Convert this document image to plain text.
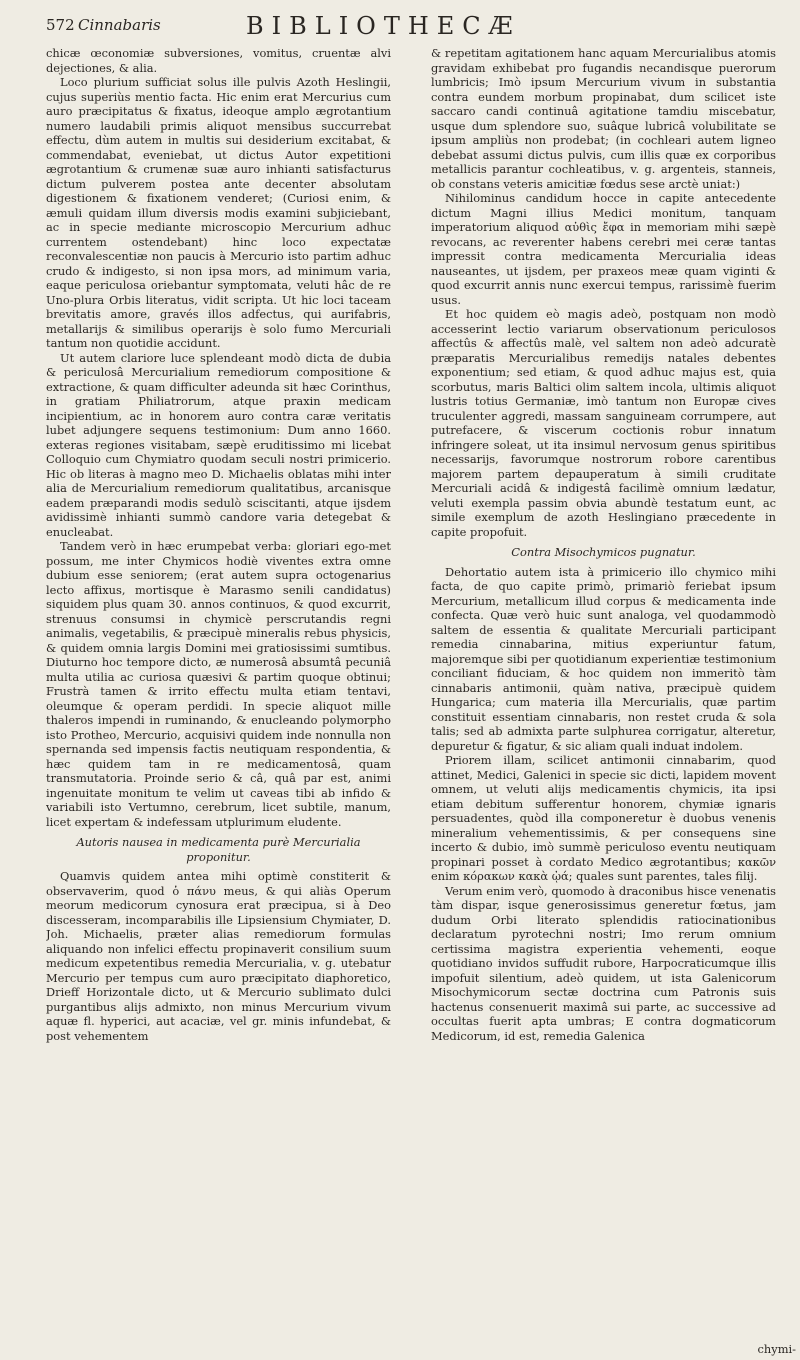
572 Cinnabaris	BIBLIOTHECÆ

chicæ œconomiæ subversiones, vomitus, cruentæ alvi dejectiones, & alia.

Loco plurium sufficiat solus ille pulvis Azoth Heslingii, cujus superiùs mentio facta. Hic enim erat Mercurius cum auro præcipitatus & fixatus, ideoque amplo ægrotantium numero laudabili primis aliquot mensibus succurrebat effectu, dùm autem in multis sui desiderium excitabat, & commendabat, eveniebat, ut dictus Autor expetitioni ægrotantium & crumenæ suæ auro inhianti satisfacturus dictum pulverem postea ante decenter absolutam digestionem & fixationem venderet; (Curiosi enim, & æmuli quidam illum diversis modis examini subjiciebant, ac in specie mediante microscopio Mercurium adhuc currentem ostendebant) hinc loco expectatæ reconvalescentiæ non paucis à Mercurio isto partim adhuc crudo & indigesto, si non ipsa mors, ad minimum varia, eaque periculosa oriebantur symptomata, veluti hâc de re Uno-plura Orbis literatus, vidit scripta. Ut hic loci taceam brevitatis amore, gravés illos adfectus, qui aurifabris, metallarijs & similibus operarijs è solo fumo Mercuriali tantum non quotidie accidunt.

Ut autem clariore luce splendeant modò dicta de dubia & periculosâ Mercurialium remediorum compositione & extractione, & quam difficulter adeunda sit hæc Corinthus, in gratiam Philiatrorum, atque praxin medicam incipientium, ac in honorem auro contra caræ veritatis lubet adjungere sequens testimonium: Dum anno 1660. exteras regiones visitabam, sæpè eruditissimo mi licebat Colloquio cum Chymiatro quodam seculi nostri primicerio. Hic ob literas à magno meo D. Michaelis oblatas mihi inter alia de Mercurialium remediorum qualitatibus, arcanisque eadem præparandi modis sedulò sciscitanti, atque ijsdem avidissimè inhianti summò candore varia detegebat & enucleabat.

Tandem verò in hæc erumpebat verba: gloriari ego-met possum, me inter Chymicos hodiè viventes extra omne dubium esse seniorem; (erat autem supra octogenarius lecto affixus, mortisque è Marasmo senili candidatus) siquidem plus quam 30. annos continuos, & quod excurrit, strenuus consumsi in chymicè perscrutandis regni animalis, vegetabilis, & præcipuè mineralis rebus physicis, & quidem omnia largis Domini mei gratiosissimi sumtibus. Diuturno hoc tempore dicto, æ numerosâ absumtâ pecuniâ multa utilia ac curiosa quæsivi & partim quoque obtinui; Frustrà tamen & irrito effectu multa etiam tentavi, oleumque & operam perdidi. In specie aliquot mille thaleros impendi in ruminando, & enucleando polymorpho isto Protheo, Mercurio, acquisivi quidem inde nonnulla non spernanda sed impensis factis neutiquam respondentia, & hæc quidem tam in re medicamentosâ, quam transmutatoria. Proinde serio & câ, quâ par est, animi ingenuitate monitum te velim ut caveas tibi ab infido & variabili isto Vertumno, cerebrum, licet subtile, manum, licet expertam & indefessam utplurimum eludente.

Autoris nausea in medicamenta purè Mercurialia proponitur.

Quamvis quidem antea mihi optimè constiterit & observaverim, quod ὁ πάνυ meus, & qui aliàs Operum meorum medicorum cynosura erat præcipua, si à Deo discesseram, incomparabilis ille Lipsiensium Chymiater, D. Joh. Michaelis, præter alias remediorum formulas aliquando non infelici effectu propinaverit consilium suum medicum expetentibus remedia Mercurialia, v. g. utebatur Mercurio per tempus cum auro præcipitato diaphoretico, Drieff Horizontale dicto, ut & Mercurio sublimato dulci purgantibus alijs admixto, non minus Mercurium vivum aquæ fl. hyperici, aut acaciæ, vel gr. minis infundebat, & post vehementem

& repetitam agitationem hanc aquam Mercurialibus atomis gravidam exhibebat pro fugandis necandisque puerorum lumbricis; Imò ipsum Mercurium vivum in substantia contra eundem morbum propinabat, dum scilicet iste saccaro candi continuâ agitatione tamdiu miscebatur, usque dum splendore suo, suâque lubricâ volubilitate se ipsum ampliùs non prodebat; (in cochleari autem ligneo debebat assumi dictus pulvis, cum illis quæ ex corporibus metallicis parantur cochleatibus, v. g. argenteis, stanneis, ob constans veteris amicitiæ fœdus sese arctè uniat:)

Nihilominus candidum hocce in capite antecedente dictum Magni illius Medici monitum, tanquam imperatorium aliquod αὐθὶς ἔφα in memoriam mihi sæpè revocans, ac reverenter habens cerebri mei ceræ tantas impressit contra medicamenta Mercurialia ideas nauseantes, ut ijsdem, per praxeos meæ quam viginti & quod excurrit annis nunc exercui tempus, rarissimè fuerim usus.

Et hoc quidem eò magis adeò, postquam non modò accesserint lectio variarum observationum periculosos affectûs & affectûs malè, vel saltem non adeò adcuratè præparatis Mercurialibus remedijs natales debentes exponentium; sed etiam, & quod adhuc majus est, quia scorbutus, maris Baltici olim saltem incola, ultimis aliquot lustris totius Germaniæ, imò tantum non Europæ cives truculenter aggredi, massam sanguineam corrumpere, aut putrefacere, & viscerum coctionis robur innatum infringere soleat, ut ita insimul nervosum genus spiritibus necessarijs, favorumque nostrorum robore carentibus majorem partem depauperatum à simili cruditate Mercuriali acidâ & indigestâ facilimè omnium lædatur, veluti exempla passim obvia abundè testatum eunt, ac simile exemplum de azoth Heslingiano præcedente in capite propofuit.

Contra Misochymicos pugnatur.

Dehortatio autem ista à primicerio illo chymico mihi facta, de quo capite primò, primariò feriebat ipsum Mercurium, metallicum illud corpus & medicamenta inde confecta. Quæ verò huic sunt analoga, vel quodammodò saltem de essentia & qualitate Mercuriali participant remedia cinnabarina, mitius experiuntur fatum, majoremque sibi per quotidianum experientiæ testimonium conciliant fiduciam, & hoc quidem non immeritò tàm cinnabaris antimonii, quàm nativa, præcipuè quidem Hungarica; cum materia illa Mercurialis, quæ partim constituit essentiam cinnabaris, non restet cruda & sola talis; sed ab admixta parte sulphurea corrigatur, alteretur, depuretur & figatur, & sic aliam quali induat indolem.

Priorem illam, scilicet antimonii cinnabarim, quod attinet, Medici, Galenici in specie sic dicti, lapidem movent omnem, ut veluti alijs medicamentis chymicis, ita ipsi etiam debitum sufferentur honorem, chymiæ ignaris persuadentes, quòd illa componeretur è duobus venenis mineralium vehementissimis, & per consequens sine incerto & dubio, imò summè periculoso eventu neutiquam propinari posset à cordato Medico ægrotantibus; κακῶν enim κόρακων κακὰ ᾠά; quales sunt parentes, tales filij.

Verum enim verò, quomodo à draconibus hisce venenatis tàm dispar, isque generosissimus generetur fœtus, jam dudum Orbi literato splendidis ratiocinationibus declaratum pyrotechni nostri; Imo rerum omnium certissima magistra experientia vehementi, eoque quotidiano invidos suffudit rubore, Harpocraticumque illis impofuit silentium, adeò quidem, ut ista Galenicorum Misochymicorum sectæ doctrina cum Patronis suis hactenus consenuerit maximâ sui parte, ac successive ad occultas fuerit apta umbras; E contra dogmaticorum Medicorum, id est, remedia Galenica

chymi-
